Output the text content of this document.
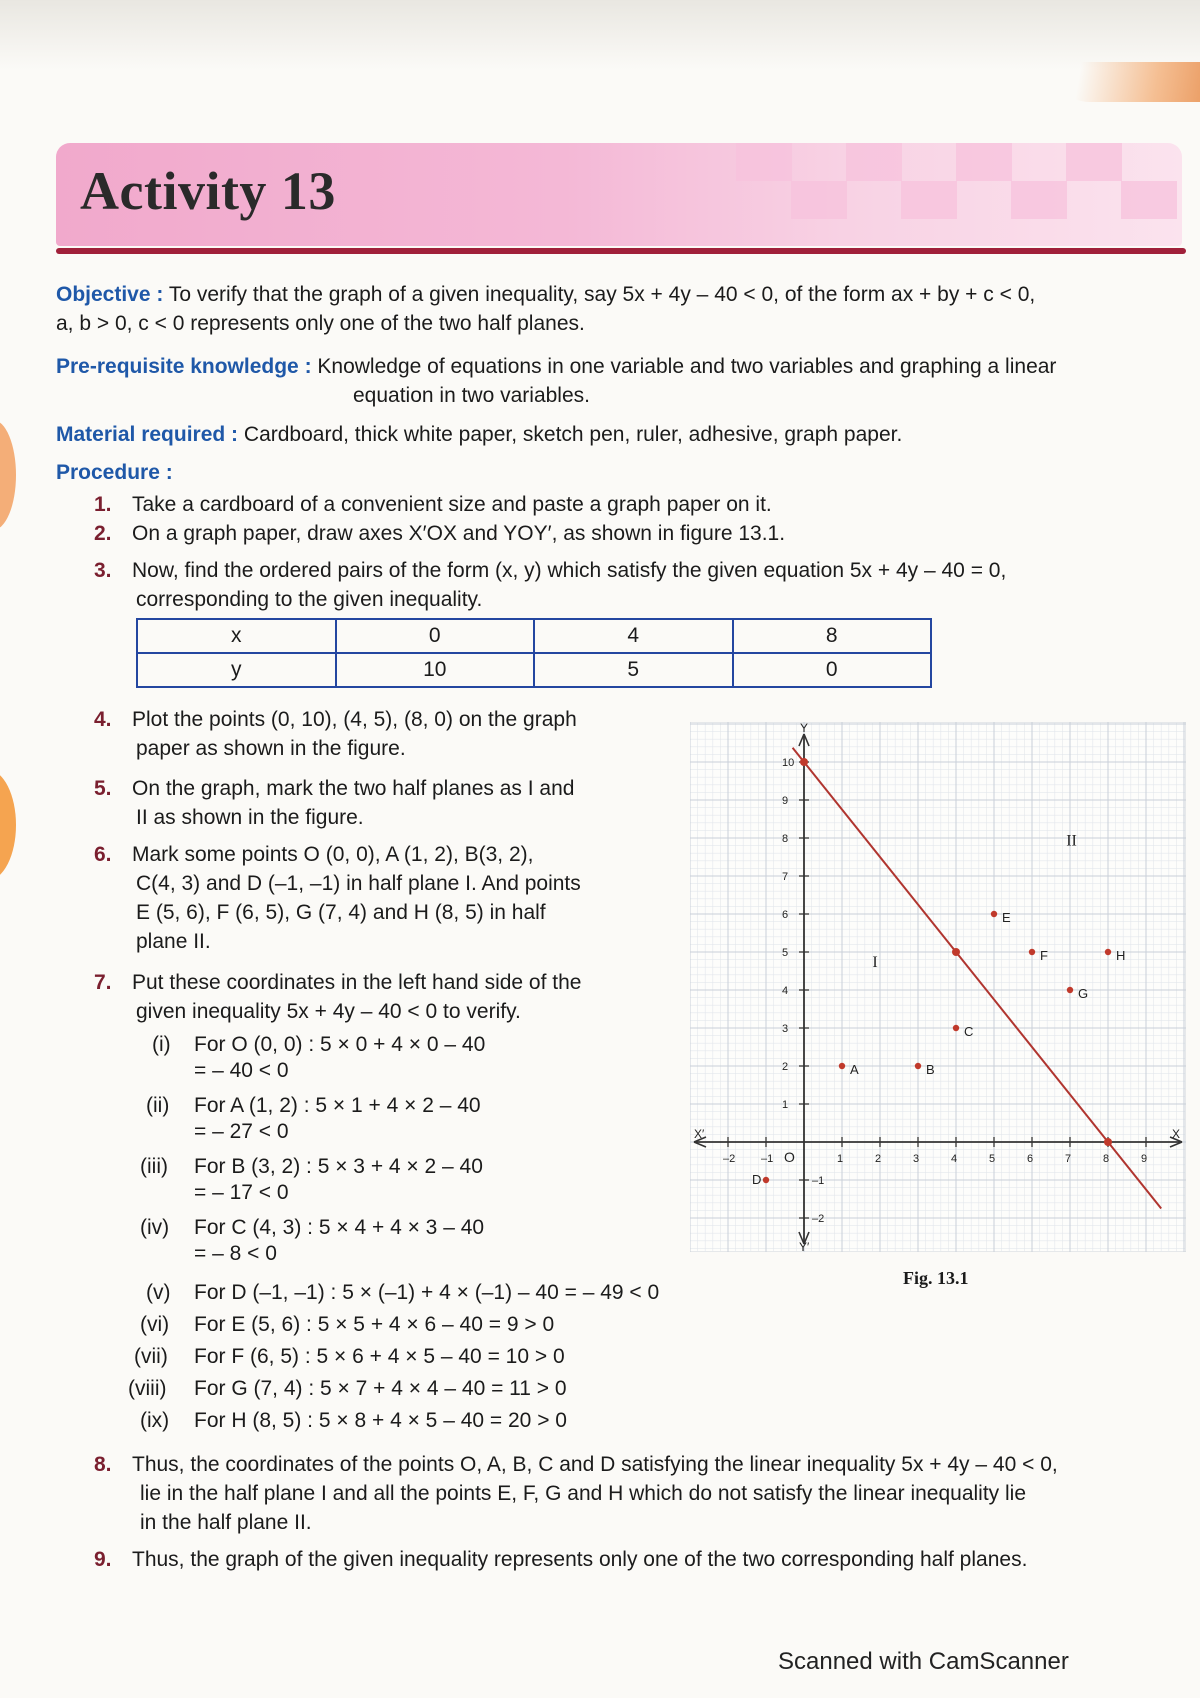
Activity 13
Objective : To verify that the graph of a given inequality, say 5x + 4y – 40 < 0, of the form ax + by + c < 0,
a, b > 0, c < 0 represents only one of the two half planes.
Pre-requisite knowledge : Knowledge of equations in one variable and two variables and graphing a linear
equation in two variables.
Material required : Cardboard, thick white paper, sketch pen, ruler, adhesive, graph paper.
Procedure :
1. Take a cardboard of a convenient size and paste a graph paper on it.
2. On a graph paper, draw axes X′OX and YOY′, as shown in figure 13.1.
3. Now, find the ordered pairs of the form (x, y) which satisfy the given equation 5x + 4y – 40 = 0,
corresponding to the given inequality.
x	0	4	8
y	10	5	0
4. Plot the points (0, 10), (4, 5), (8, 0) on the graph
paper as shown in the figure.
5. On the graph, mark the two half planes as I and
II as shown in the figure.
6. Mark some points O (0, 0), A (1, 2), B(3, 2),
C(4, 3) and D (–1, –1) in half plane I. And points
E (5, 6), F (6, 5), G (7, 4) and H (8, 5) in half
plane II.
7. Put these coordinates in the left hand side of the
given inequality 5x + 4y – 40 < 0 to verify.
(i) For O (0, 0) : 5 × 0 + 4 × 0 – 40
= – 40 < 0
(ii) For A (1, 2) : 5 × 1 + 4 × 2 – 40
= – 27 < 0
(iii) For B (3, 2) : 5 × 3 + 4 × 2 – 40
= – 17 < 0
(iv) For C (4, 3) : 5 × 4 + 4 × 3 – 40
= – 8 < 0
(v) For D (–1, –1) : 5 × (–1) + 4 × (–1) – 40 = – 49 < 0
(vi) For E (5, 6) : 5 × 5 + 4 × 6 – 40 = 9 > 0
(vii) For F (6, 5) : 5 × 6 + 4 × 5 – 40 = 10 > 0
(viii) For G (7, 4) : 5 × 7 + 4 × 4 – 40 = 11 > 0
(ix) For H (8, 5) : 5 × 8 + 4 × 5 – 40 = 20 > 0
8. Thus, the coordinates of the points O, A, B, C and D satisfying the linear inequality 5x + 4y – 40 < 0,
lie in the half plane I and all the points E, F, G and H which do not satisfy the linear inequality lie
in the half plane II.
9. Thus, the graph of the given inequality represents only one of the two corresponding half planes.
X
X′
Y
Y′
O
–2 –1	1	2	3	4	5	6	7	8	9
–2
–1
1
2
3
4
5
6
7
8
9
10
I
II
A	B
C
D
E
F
G
H
Fig. 13.1
Scanned with CamScanner
